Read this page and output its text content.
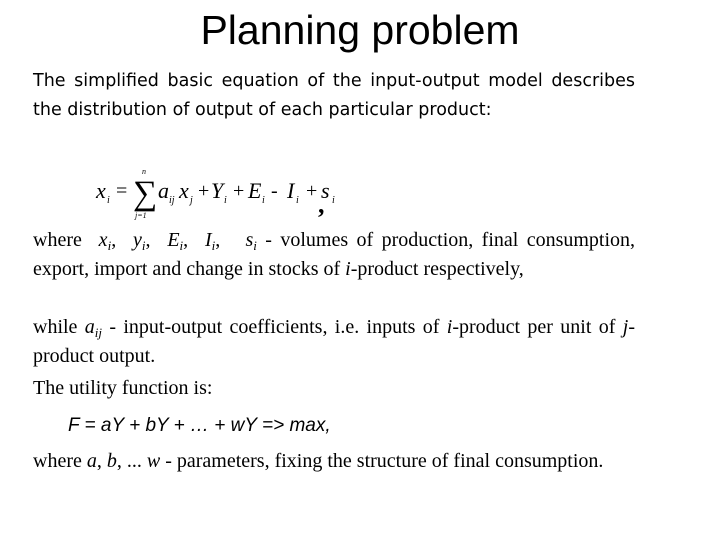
Planning problem
The simplified basic equation of the input-output model describes the distribution of output of each particular product:
x i = ∑
n
j=1
a ij x j + Y i + E i - I i + s i
,
where $x_i$, $y_i$, $E_i$, $I_i$, $s_i$ - volumes of production, final consumption, export, import and change in stocks of i-product respectively,
while $a_{ij}$ - input-output coefficients, i.e. inputs of i-product per unit of j-product output.
The utility function is:
F = aY + bY + … + wY => max,
where a, b, ... w - parameters, fixing the structure of final consumption.
